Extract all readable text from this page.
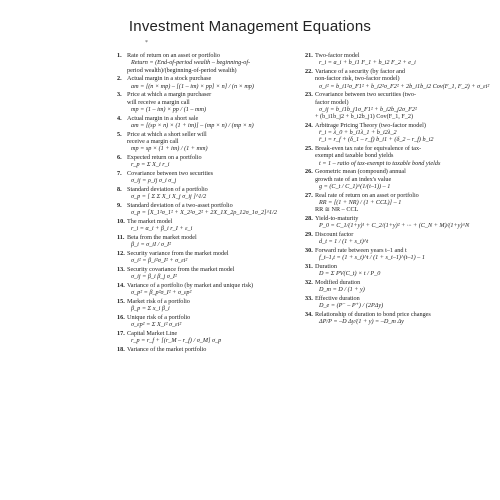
Investment Management Equations
*
1. Rate of return on an asset or portfolio
Return = (End-of-period wealth – beginning-of-
period wealth)/(beginning-of-period wealth)
2. Actual margin in a stock purchase
am = [(n × mp) – [(1 – im) × pp] × n] / (n × mp)
3. Price at which a margin purchaser
will receive a margin call
mp = (1 – im) × pp / (1 – mm)
4. Actual margin in a short sale
am = [(sp × n) × (1 + im)] – (mp × n) / (mp × n)
5. Price at which a short seller will
receive a margin call
mp = sp × (1 + im) / (1 + mm)
6. Expected return on a portfolio
r_p = Σ X_i r_i
7. Covariance between two securities
σ_ij = ρ_ij σ_i σ_j
8. Standard deviation of a portfolio
σ_p = [ Σ Σ X_i X_j σ_ij ]^1/2
9. Standard deviation of a two-asset portfolio
σ_p = [X_1²σ_1² + X_2²σ_2² + 2X_1X_2ρ_12σ_1σ_2]^1/2
10. The market model
r_i = α_i + β_i r_I + ε_i
11. Beta from the market model
β_i = σ_iI / σ_I²
12. Security variance from the market model
σ_i² = β_i²σ_I² + σ_εi²
13. Security covariance from the market model
σ_ij = β_i β_j σ_I²
14. Variance of a portfolio (by market and unique risk)
σ_p² = β_p²σ_I² + σ_εp²
15. Market risk of a portfolio
β_p = Σ x_i β_i
16. Unique risk of a portfolio
σ_εp² = Σ X_i² σ_εi²
17. Capital Market Line
r_p = r_f + [(r_M – r_f) / σ_M] σ_p
18. Variance of the market portfolio
21. Two-factor model
r_i = a_i + b_i1 F_1 + b_i2 F_2 + e_i
22. Variance of a security (by factor and
non-factor risk, two-factor model)
σ_i² = b_i1²σ_F1² + b_i2²σ_F2² + 2b_i1b_i2 Cov(F_1, F_2) + σ_εi²
23. Covariance between two securities (two-
factor model)
σ_ij = b_i1b_j1σ_F1² + b_i2b_j2σ_F2²
+ (b_i1b_j2 + b_i2b_j1) Cov(F_1, F_2)
24. Arbitrage Pricing Theory (two-factor model)
r̄_i = λ_0 + b_i1λ_1 + b_i2λ_2
r̄_i = r_f + (δ_1 – r_f) b_i1 + (δ_2 – r_f) b_i2
25. Break-even tax rate for equivalence of tax-
exempt and taxable bond yields
t = 1 – ratio of tax-exempt to taxable bond yields
26. Geometric mean (compound) annual
growth rate of an index's value
g = (C_t / C_1)^(1/(t–1)) – 1
27. Real rate of return on an asset or portfolio
RR = [(1 + NR) / (1 + CCL)] – 1
RR ≅ NR – CCL
28. Yield-to-maturity
P_0 = C_1/(1+y)¹ + C_2/(1+y)² + ··· + (C_N + M)/(1+y)^N
29. Discount factor
d_t = 1 / (1 + s_t)^t
30. Forward rate between years t–1 and t
f_t–1,t = (1 + s_t)^t / (1 + s_t–1)^(t–1) – 1
31. Duration
D = Σ PV(C_t) × t / P_0
32. Modified duration
D_m = D / (1 + y)
33. Effective duration
D_e = (P⁻ – P⁺) / (2PΔy)
34. Relationship of duration to bond price changes
ΔP/P = –D Δy/(1 + y) = –D_m Δy
